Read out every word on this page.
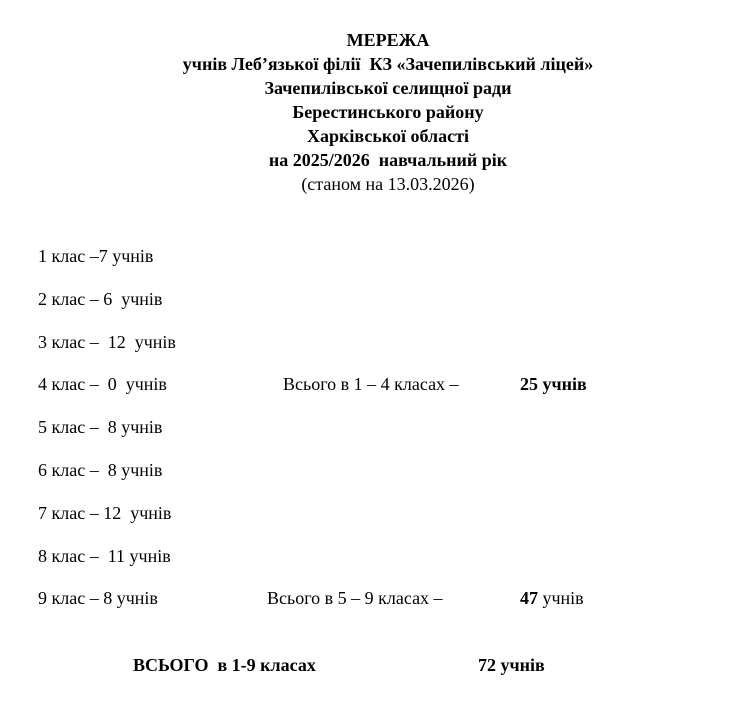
МЕРЕЖА
учнів Леб’язької філії  КЗ «Зачепилівський ліцей»
Зачепилівської селищної ради
Берестинського району
Харківської області
на 2025/2026  навчальний рік
(станом на 13.03.2026)
1 клас –7 учнів
2 клас – 6  учнів
3 клас –  12  учнів
4 клас –  0  учнів
5 клас –  8 учнів
6 клас –  8 учнів
7 клас – 12  учнів
8 клас –  11 учнів
9 клас – 8 учнів
Всього в 1 – 4 класах –	25 учнів
Всього в 5 – 9 класах –	47 учнів
ВСЬОГО  в 1-9 класах	72 учнів
